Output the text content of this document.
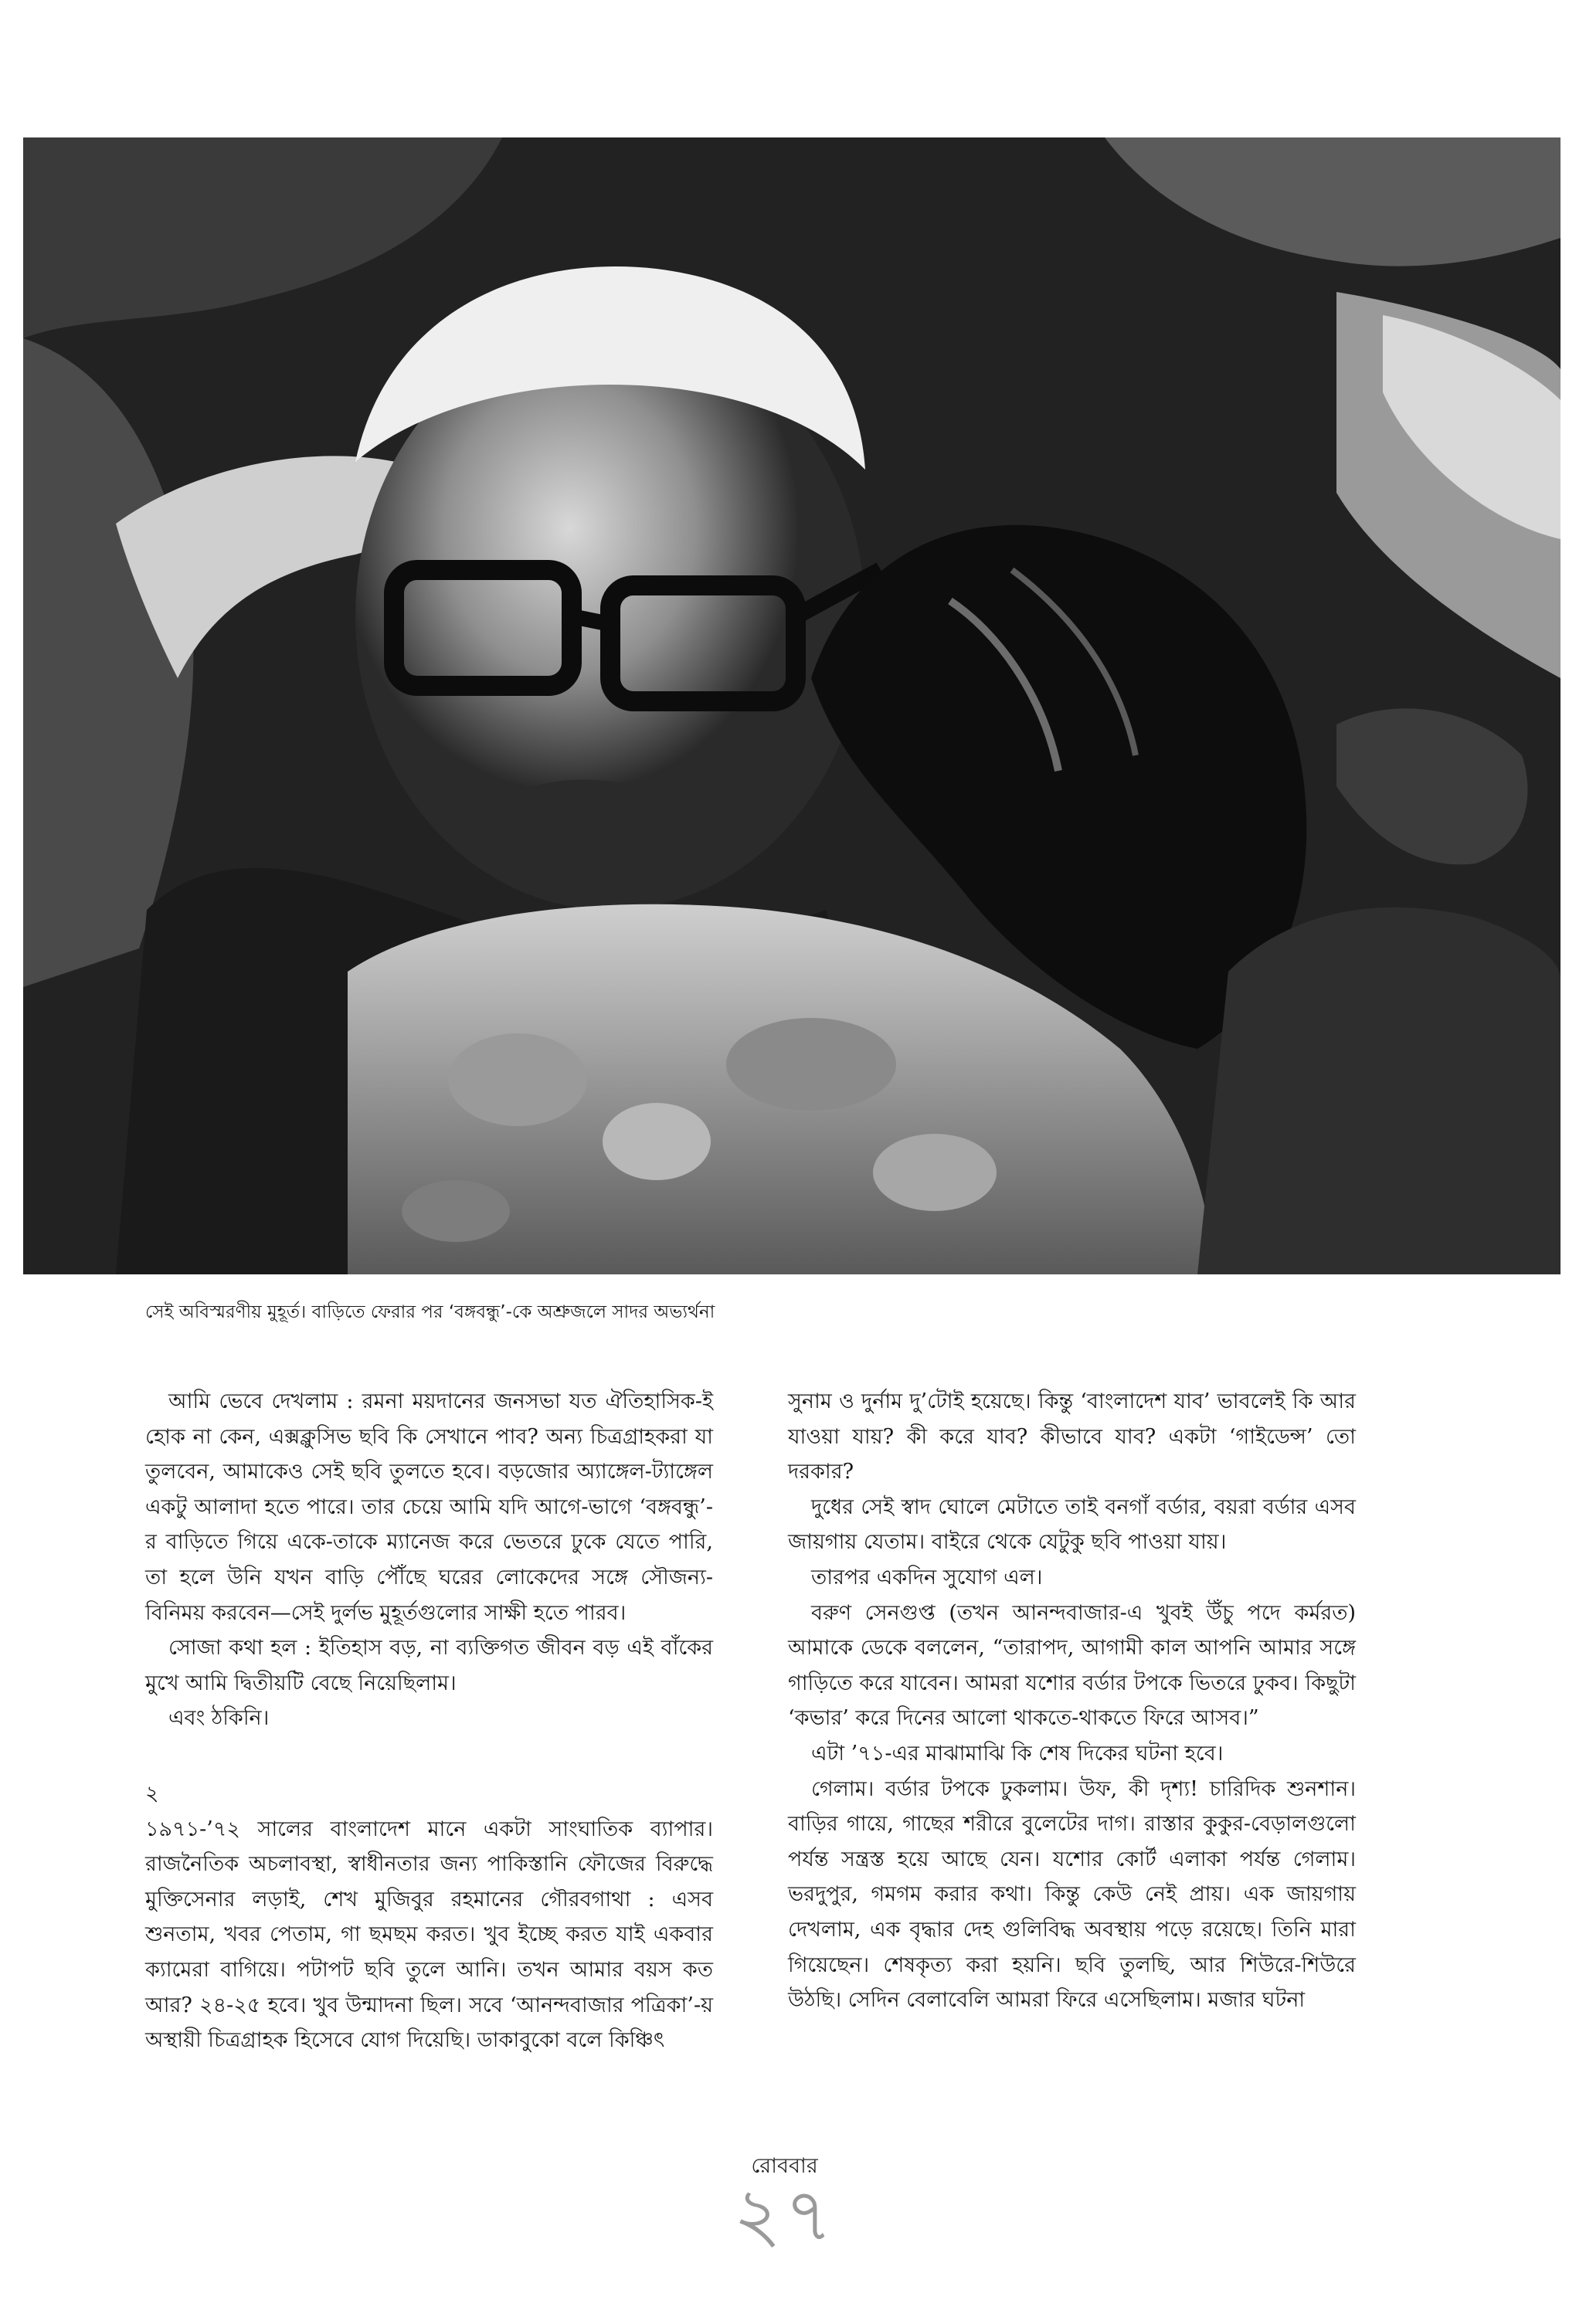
সেই অবিস্মরণীয় মুহূর্ত। বাড়িতে ফেরার পর ‘বঙ্গবন্ধু’-কে অশ্রুজলে সাদর অভ্যর্থনা

আমি ভেবে দেখলাম : রমনা ময়দানের জনসভা যত ঐতিহাসিক-ই হোক না কেন, এক্সক্লুসিভ ছবি কি সেখানে পাব? অন্য চিত্রগ্রাহকরা যা তুলবেন, আমাকেও সেই ছবি তুলতে হবে। বড়জোর অ্যাঙ্গেল-ট্যাঙ্গেল একটু আলাদা হতে পারে। তার চেয়ে আমি যদি আগে-ভাগে ‘বঙ্গবন্ধু’-র বাড়িতে গিয়ে একে-তাকে ম্যানেজ করে ভেতরে ঢুকে যেতে পারি, তা হলে উনি যখন বাড়ি পৌঁছে ঘরের লোকেদের সঙ্গে সৌজন্য-বিনিময় করবেন—সেই দুর্লভ মুহূর্তগুলোর সাক্ষী হতে পারব।

সোজা কথা হল : ইতিহাস বড়, না ব্যক্তিগত জীবন বড় এই বাঁকের মুখে আমি দ্বিতীয়টি বেছে নিয়েছিলাম।

এবং ঠকিনি।

২

১৯৭১-’৭২ সালের বাংলাদেশ মানে একটা সাংঘাতিক ব্যাপার। রাজনৈতিক অচলাবস্থা, স্বাধীনতার জন্য পাকিস্তানি ফৌজের বিরুদ্ধে মুক্তিসেনার লড়াই, শেখ মুজিবুর রহমানের গৌরবগাথা : এসব শুনতাম, খবর পেতাম, গা ছমছম করত। খুব ইচ্ছে করত যাই একবার ক্যামেরা বাগিয়ে। পটাপট ছবি তুলে আনি। তখন আমার বয়স কত আর? ২৪-২৫ হবে। খুব উন্মাদনা ছিল। সবে ‘আনন্দবাজার পত্রিকা’-য় অস্থায়ী চিত্রগ্রাহক হিসেবে যোগ দিয়েছি। ডাকাবুকো বলে কিঞ্চিৎ

সুনাম ও দুর্নাম দু’টোই হয়েছে। কিন্তু ‘বাংলাদেশ যাব’ ভাবলেই কি আর যাওয়া যায়? কী করে যাব? কীভাবে যাব? একটা ‘গাইডেন্স’ তো দরকার?

দুধের সেই স্বাদ ঘোলে মেটাতে তাই বনগাঁ বর্ডার, বয়রা বর্ডার এসব জায়গায় যেতাম। বাইরে থেকে যেটুকু ছবি পাওয়া যায়।

তারপর একদিন সুযোগ এল।

বরুণ সেনগুপ্ত (তখন আনন্দবাজার-এ খুবই উঁচু পদে কর্মরত) আমাকে ডেকে বললেন, “তারাপদ, আগামী কাল আপনি আমার সঙ্গে গাড়িতে করে যাবেন। আমরা যশোর বর্ডার টপকে ভিতরে ঢুকব। কিছুটা ‘কভার’ করে দিনের আলো থাকতে-থাকতে ফিরে আসব।”

এটা ’৭১-এর মাঝামাঝি কি শেষ দিকের ঘটনা হবে।

গেলাম। বর্ডার টপকে ঢুকলাম। উফ, কী দৃশ্য! চারিদিক শুনশান। বাড়ির গায়ে, গাছের শরীরে বুলেটের দাগ। রাস্তার কুকুর-বেড়ালগুলো পর্যন্ত সন্ত্রস্ত হয়ে আছে যেন। যশোর কোর্ট এলাকা পর্যন্ত গেলাম। ভরদুপুর, গমগম করার কথা। কিন্তু কেউ নেই প্রায়। এক জায়গায় দেখলাম, এক বৃদ্ধার দেহ গুলিবিদ্ধ অবস্থায় পড়ে রয়েছে। তিনি মারা গিয়েছেন। শেষকৃত্য করা হয়নি। ছবি তুলছি, আর শিউরে-শিউরে উঠছি। সেদিন বেলাবেলি আমরা ফিরে এসেছিলাম। মজার ঘটনা

রোববার
২৭
